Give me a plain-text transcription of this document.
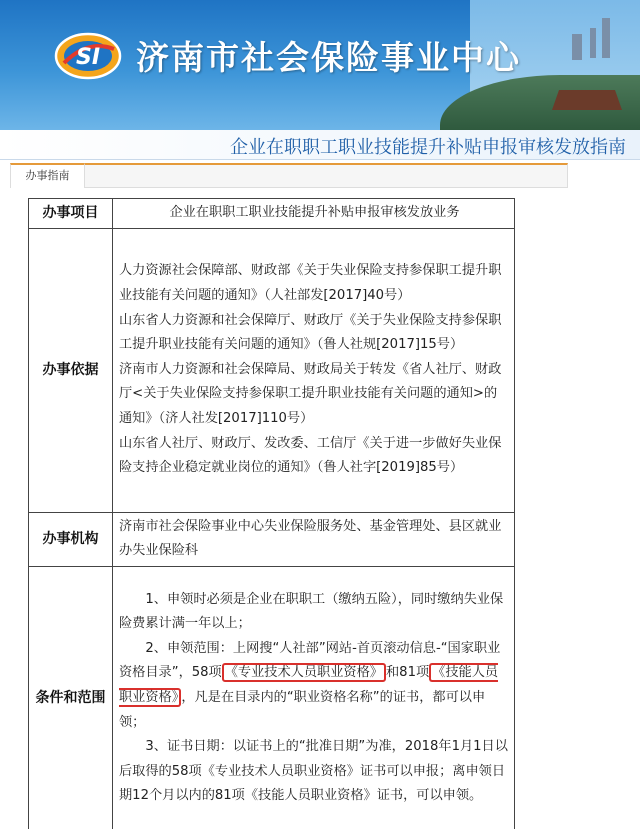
SI 济南市社会保险事业中心
企业在职职工职业技能提升补贴申报审核发放指南
办事指南
办事项目	企业在职职工职业技能提升补贴申报审核发放业务

办事依据	人力资源社会保障部、财政部《关于失业保险支持参保职工提升职业技能有关问题的通知》（人社部发[2017]40号）

山东省人力资源和社会保障厅、财政厅《关于失业保险支持参保职工提升职业技能有关问题的通知》（鲁人社规[2017]15号）

济南市人力资源和社会保障局、财政局关于转发《省人社厅、财政厅<关于失业保险支持参保职工提升职业技能有关问题的通知>的通知》（济人社发[2017]110号）

山东省人社厅、财政厅、发改委、工信厅《关于进一步做好失业保险支持企业稳定就业岗位的通知》（鲁人社字[2019]85号）

办事机构	济南市社会保险事业中心失业保险服务处、基金管理处、县区就业办失业保险科

条件和范围	1、申领时必须是企业在职职工（缴纳五险），同时缴纳失业保险费累计满一年以上；

2、申领范围：上网搜“人社部”网站-首页滚动信息-“国家职业资格目录”，58项 《专业技术人员职业资格》 和81项 《技能人员职业资格》 ，凡是在目录内的“职业资格名称”的证书，都可以申领；

3、证书日期：以证书上的“批准日期”为准，2018年1月1日以后取得的58项《专业技术人员职业资格》证书可以申报；离申领日期12个月以内的81项《技能人员职业资格》证书，可以申领。
